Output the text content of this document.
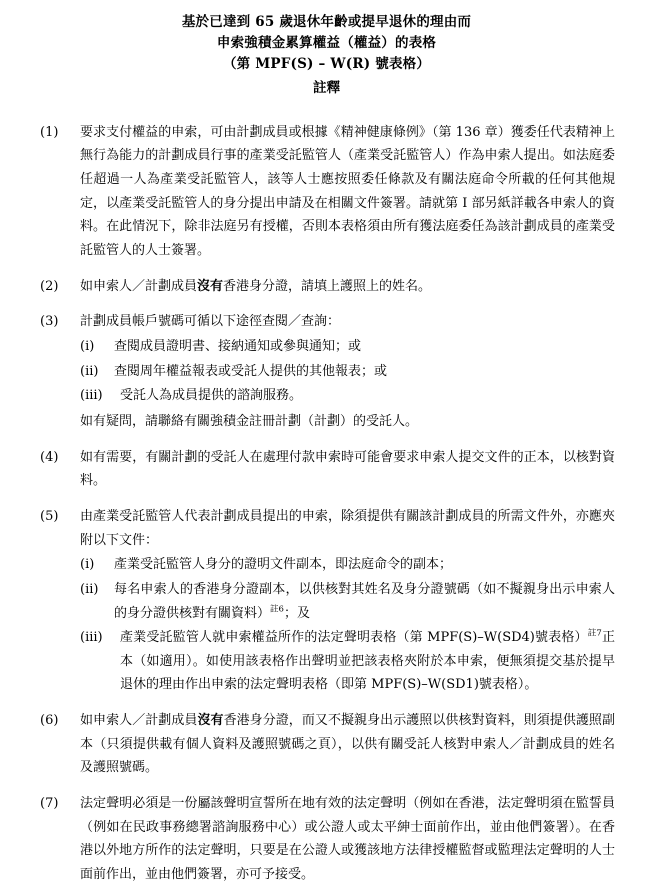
基於已達到 65 歲退休年齡或提早退休的理由而
申索強積金累算權益（權益）的表格
（第 MPF(S) – W(R) 號表格）
註釋
(1)	要求支付權益的申索，可由計劃成員或根據《精神健康條例》（第 136 章）獲委任代表精神上無行為能力的計劃成員行事的產業受託監管人（產業受託監管人）作為申索人提出。如法庭委任超過一人為產業受託監管人，該等人士應按照委任條款及有關法庭命令所載的任何其他規定，以產業受託監管人的身分提出申請及在相關文件簽署。請就第 I 部另紙詳載各申索人的資料。在此情況下，除非法庭另有授權，否則本表格須由所有獲法庭委任為該計劃成員的產業受託監管人的人士簽署。

(2)	如申索人／計劃成員沒有香港身分證，請填上護照上的姓名。

(3)	計劃成員帳戶號碼可循以下途徑查閱／查詢：

(i)	查閱成員證明書、接納通知或參與通知；或
(ii)	查閱周年權益報表或受託人提供的其他報表；或
(iii)	受託人為成員提供的諮詢服務。

如有疑問，請聯絡有關強積金註冊計劃（計劃）的受託人。

(4)	如有需要，有關計劃的受託人在處理付款申索時可能會要求申索人提交文件的正本，以核對資料。

(5)	由產業受託監管人代表計劃成員提出的申索，除須提供有關該計劃成員的所需文件外，亦應夾附以下文件：

(i)	產業受託監管人身分的證明文件副本，即法庭命令的副本；
(ii)	每名申索人的香港身分證副本，以供核對其姓名及身分證號碼（如不擬親身出示申索人的身分證供核對有關資料）$^{註6}$；及
(iii)	產業受託監管人就申索權益所作的法定聲明表格（第 MPF(S)–W(SD4)號表格）$^{註7}$正本（如適用）。如使用該表格作出聲明並把該表格夾附於本申索，便無須提交基於提早退休的理由作出申索的法定聲明表格（即第 MPF(S)–W(SD1)號表格）。
(6)	如申索人／計劃成員沒有香港身分證，而又不擬親身出示護照以供核對資料，則須提供護照副本（只須提供載有個人資料及護照號碼之頁），以供有關受託人核對申索人／計劃成員的姓名及護照號碼。

(7)	法定聲明必須是一份屬該聲明宣誓所在地有效的法定聲明（例如在香港，法定聲明須在監誓員（例如在民政事務總署諮詢服務中心）或公證人或太平紳士面前作出，並由他們簽署）。在香港以外地方所作的法定聲明，只要是在公證人或獲該地方法律授權監督或監理法定聲明的人士面前作出，並由他們簽署，亦可予接受。
